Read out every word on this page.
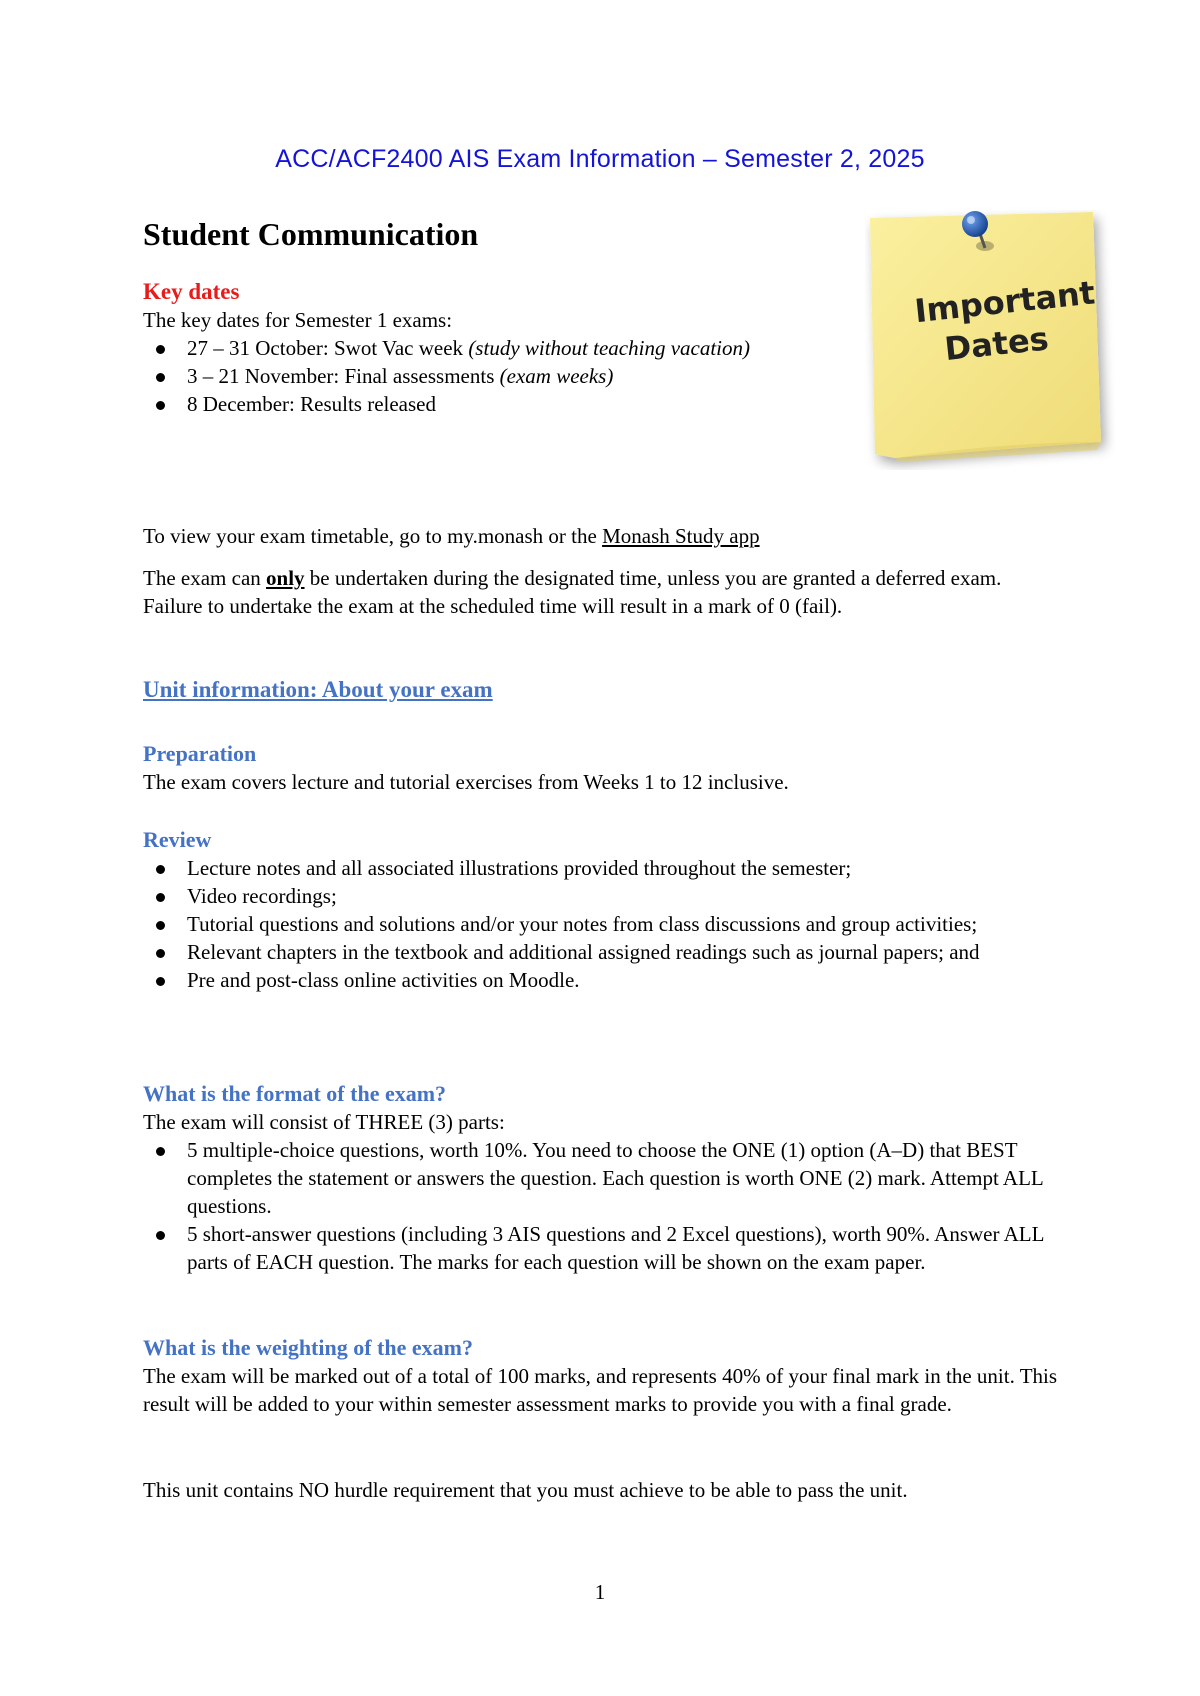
ACC/ACF2400 AIS Exam Information – Semester 2, 2025
Student Communication
Important
Dates
Key dates
The key dates for Semester 1 exams:
27 – 31 October: Swot Vac week (study without teaching vacation)
3 – 21 November: Final assessments (exam weeks)
8 December: Results released
To view your exam timetable, go to my.monash or the Monash Study app
The exam can only be undertaken during the designated time, unless you are granted a deferred exam. Failure to undertake the exam at the scheduled time will result in a mark of 0 (fail).
Unit information: About your exam
Preparation
The exam covers lecture and tutorial exercises from Weeks 1 to 12 inclusive.
Review
Lecture notes and all associated illustrations provided throughout the semester;
Video recordings;
Tutorial questions and solutions and/or your notes from class discussions and group activities;
Relevant chapters in the textbook and additional assigned readings such as journal papers; and
Pre and post-class online activities on Moodle.
What is the format of the exam?
The exam will consist of THREE (3) parts:
5 multiple-choice questions, worth 10%. You need to choose the ONE (1) option (A–D) that BEST completes the statement or answers the question. Each question is worth ONE (2) mark. Attempt ALL questions.
5 short-answer questions (including 3 AIS questions and 2 Excel questions), worth 90%. Answer ALL parts of EACH question. The marks for each question will be shown on the exam paper.
What is the weighting of the exam?
The exam will be marked out of a total of 100 marks, and represents 40% of your final mark in the unit. This result will be added to your within semester assessment marks to provide you with a final grade.
This unit contains NO hurdle requirement that you must achieve to be able to pass the unit.
1
